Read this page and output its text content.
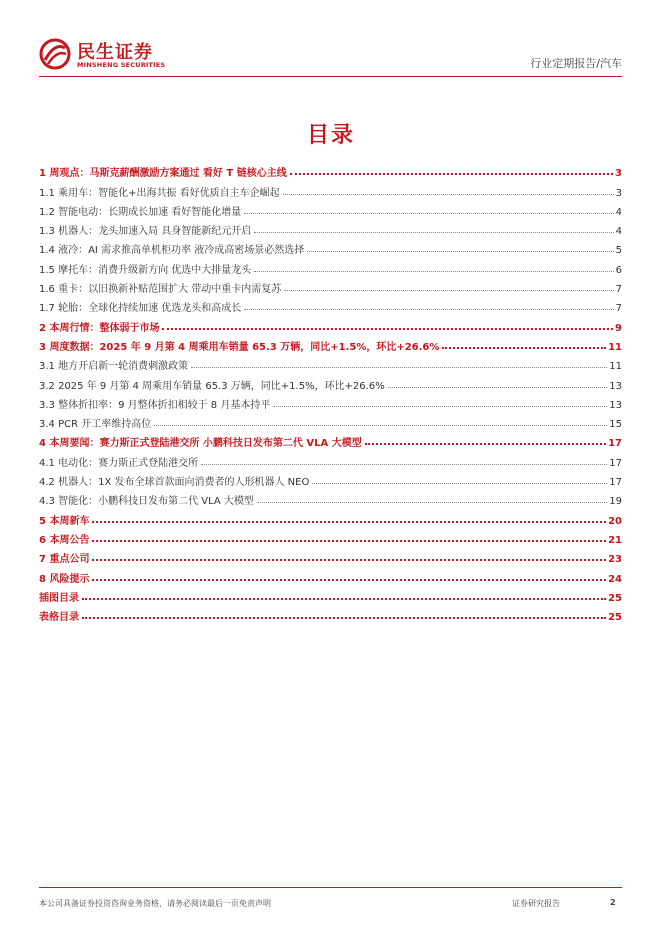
民生证券
MINSHENG SECURITIES	行业定期报告/汽车
目录
1 周观点：马斯克薪酬激励方案通过 看好 T 链核心主线	3
1.1 乘用车：智能化+出海共振 看好优质自主车企崛起	3
1.2 智能电动：长期成长加速 看好智能化增量	4
1.3 机器人：龙头加速入局 具身智能新纪元开启	4
1.4 液冷：AI 需求推高单机柜功率 液冷成高密场景必然选择	5
1.5 摩托车：消费升级新方向 优选中大排量龙头	6
1.6 重卡：以旧换新补贴范围扩大 带动中重卡内需复苏	7
1.7 轮胎：全球化持续加速 优选龙头和高成长	7
2 本周行情：整体弱于市场	9
3 周度数据：2025 年 9 月第 4 周乘用车销量 65.3 万辆，同比+1.5%，环比+26.6%	11
3.1 地方开启新一轮消费刺激政策	11
3.2 2025 年 9 月第 4 周乘用车销量 65.3 万辆，同比+1.5%，环比+26.6%	13
3.3 整体折扣率：9 月整体折扣相较于 8 月基本持平	13
3.4 PCR 开工率维持高位	15
4 本周要闻：赛力斯正式登陆港交所 小鹏科技日发布第二代 VLA 大模型	17
4.1 电动化：赛力斯正式登陆港交所	17
4.2 机器人：1X 发布全球首款面向消费者的人形机器人 NEO	17
4.3 智能化：小鹏科技日发布第二代 VLA 大模型	19
5 本周新车	20
6 本周公告	21
7 重点公司	23
8 风险提示	24
插图目录	25
表格目录	25
本公司具备证券投资咨询业务资格，请务必阅读最后一页免责声明	证券研究报告	2
